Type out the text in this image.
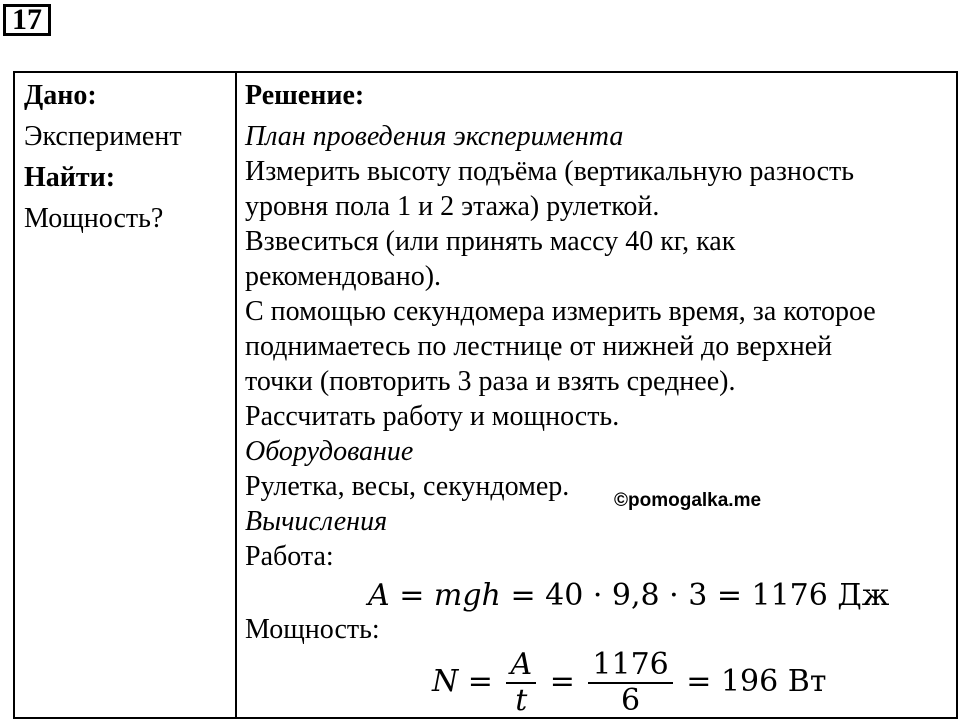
17
Дано:
Эксперимент
Найти:
Мощность?
Решение:
План проведения эксперимента
Измерить высоту подъёма (вертикальную разность
уровня пола 1 и 2 этажа) рулеткой.
Взвеситься (или принять массу 40 кг, как
рекомендовано).
С помощью секундомера измерить время, за которое
поднимаетесь по лестнице от нижней до верхней
точки (повторить 3 раза и взять среднее).
Рассчитать работу и мощность.
Оборудование
Рулетка, весы, секундомер.
Вычисления
Работа:
Мощность:
©pomogalka.me
A = mgh = 40 · 9,8 · 3 = 1176 Дж
$N = \frac{A}{t} = \frac{1176}{6} = 196$ Вт
